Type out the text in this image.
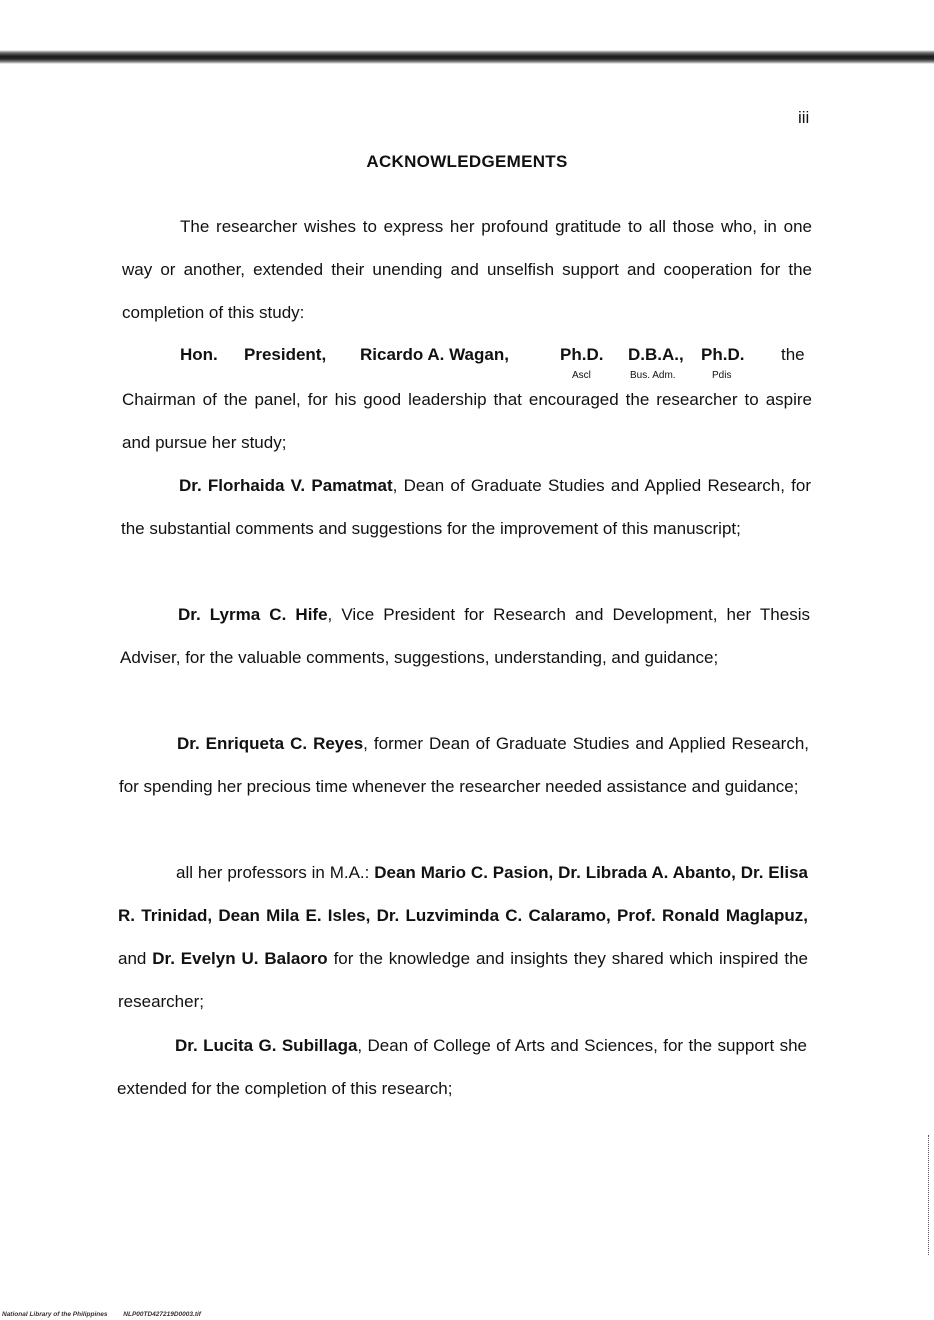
iii
ACKNOWLEDGEMENTS

The researcher wishes to express her profound gratitude to all those who, in one way or another, extended their unending and unselfish support and cooperation for the completion of this study:

Hon. President, Ricardo A. Wagan,	Ph.D.
Ascl
D.B.A.,
Bus. Adm.
Ph.D.
Pdis
the

Chairman of the panel, for his good leadership that encouraged the researcher to aspire and pursue her study;

Dr. Florhaida V. Pamatmat, Dean of Graduate Studies and Applied Research, for the substantial comments and suggestions for the improvement of this manuscript;

Dr. Lyrma C. Hife, Vice President for Research and Development, her Thesis Adviser, for the valuable comments, suggestions, understanding, and guidance;

Dr. Enriqueta C. Reyes, former Dean of Graduate Studies and Applied Research, for spending her precious time whenever the researcher needed assistance and guidance;

all her professors in M.A.: Dean Mario C. Pasion, Dr. Librada A. Abanto, Dr. Elisa R. Trinidad, Dean Mila E. Isles, Dr. Luzviminda C. Calaramo, Prof. Ronald Maglapuz, and Dr. Evelyn U. Balaoro for the knowledge and insights they shared which inspired the researcher;

Dr. Lucita G. Subillaga, Dean of College of Arts and Sciences, for the support she extended for the completion of this research;

National Library of the Philippines NLP00TD427219D0003.tif
